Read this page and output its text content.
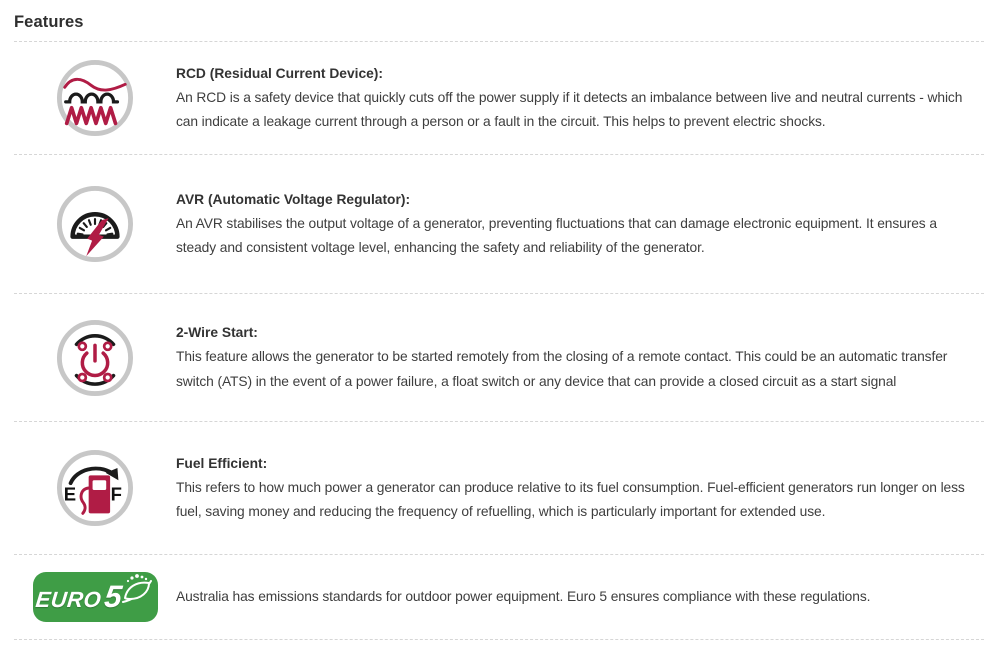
Features

RCD (Residual Current Device):

An RCD is a safety device that quickly cuts off the power supply if it detects an imbalance between live and neutral currents - which can indicate a leakage current through a person or a fault in the circuit. This helps to prevent electric shocks.

AVR (Automatic Voltage Regulator):

An AVR stabilises the output voltage of a generator, preventing fluctuations that can damage electronic equipment. It ensures a steady and consistent voltage level, enhancing the safety and reliability of the generator.

2-Wire Start:

This feature allows the generator to be started remotely from the closing of a remote contact. This could be an automatic transfer switch (ATS) in the event of a power failure, a float switch or any device that can provide a closed circuit as a start signal

E F

Fuel Efficient:

This refers to how much power a generator can produce relative to its fuel consumption. Fuel-efficient generators run longer on less fuel, saving money and reducing the frequency of refuelling, which is particularly important for extended use.

EURO 5	Australia has emissions standards for outdoor power equipment. Euro 5 ensures compliance with these regulations.
